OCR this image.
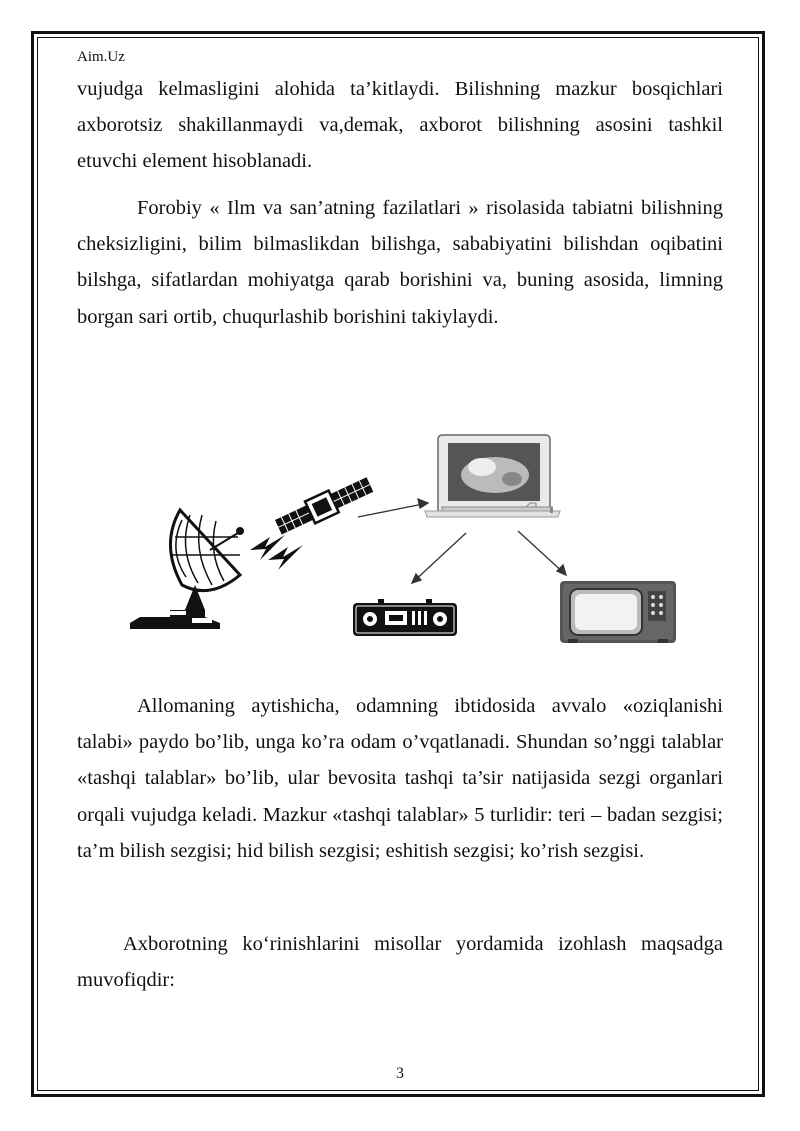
Aim.Uz

vujudga kelmasligini alohida ta’kitlaydi. Bilishning mazkur bosqichlari axborotsiz shakillanmaydi va,demak, axborot bilishning asosini tashkil etuvchi element hisoblanadi.

Forobiy « Ilm va san’atning fazilatlari » risolasida tabiatni bilishning cheksizligini, bilim bilmaslikdan bilishga, sababiyatini bilishdan oqibatini bilshga, sifatlardan mohiyatga qarab borishini va, buning asosida, limning borgan sari ortib, chuqurlashib borishini takiylaydi.

Allomaning aytishicha, odamning ibtidosida avvalo «oziqlanishi talabi» paydo bo’lib, unga ko’ra odam o’vqatlanadi. Shundan so’nggi talablar «tashqi talablar» bo’lib, ular bevosita tashqi ta’sir natijasida sezgi organlari orqali vujudga keladi. Mazkur «tashqi talablar» 5 turlidir: teri – badan sezgisi; ta’m bilish sezgisi; hid bilish sezgisi; eshitish sezgisi; ko’rish sezgisi.

Axborotning ko‘rinishlarini misollar yordamida izohlash maqsadga muvofiqdir:

3
